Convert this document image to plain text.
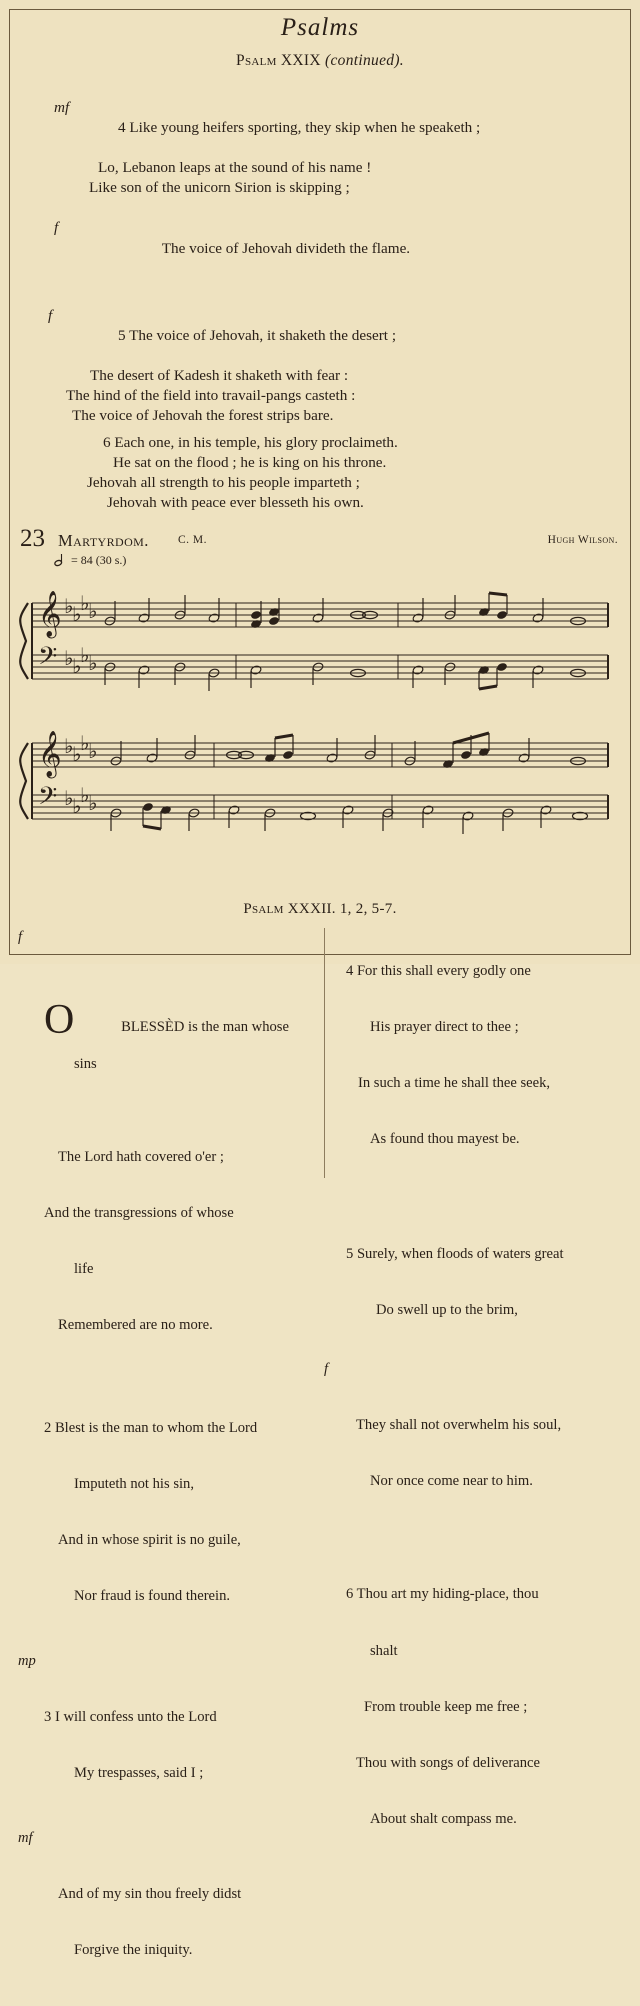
Psalms
Psalm XXIX (continued).

mf

4 Like young heifers sporting, they skip when he speaketh ;

Lo, Lebanon leaps at the sound of his name !
Like son of the unicorn Sirion is skipping ;

f

The voice of Jehovah divideth the flame.

f

5 The voice of Jehovah, it shaketh the desert ;

The desert of Kadesh it shaketh with fear :
The hind of the field into travail-pangs casteth :
The voice of Jehovah the forest strips bare.
6 Each one, in his temple, his glory proclaimeth.
He sat on the flood ; he is king on his throne.
Jehovah all strength to his people imparteth ;
Jehovah with peace ever blesseth his own.
23 Martyrdom.	C. M.	Hugh Wilson.
= 84 (30 s.)
𝄞
𝄢
𝄞
𝄢
♭
♭
♭
♭
♭
♭
♭
♭
♭
♭
♭
♭
♭
♭
♭
♭
Psalm XXXII. 1, 2, 5-7.

f

O	BLESSÈD is the man whose

sins

The Lord hath covered o'er ;

And the transgressions of whose

life

Remembered are no more.

2 Blest is the man to whom the Lord

Imputeth not his sin,

And in whose spirit is no guile,

Nor fraud is found therein.

mp

3 I will confess unto the Lord

My trespasses, said I ;

mf

And of my sin thou freely didst

Forgive the iniquity.

4 For this shall every godly one

His prayer direct to thee ;

In such a time he shall thee seek,

As found thou mayest be.

5 Surely, when floods of waters great

Do swell up to the brim,

f

They shall not overwhelm his soul,

Nor once come near to him.

6 Thou art my hiding-place, thou

shalt

From trouble keep me free ;

Thou with songs of deliverance

About shalt compass me.
